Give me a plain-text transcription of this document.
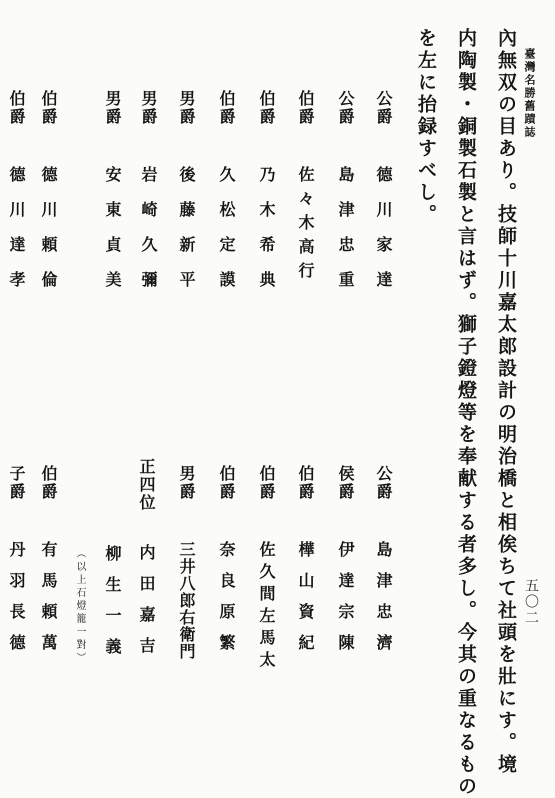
臺灣名勝舊蹟誌
五〇二
內無双の目あり。技師十川嘉太郎設計の明治橋と相俟ちて社頭を壯にす。境
内陶製・銅製石製と言はず。獅子鐙燈等を奉献する者多し。今其の重なるもの
を左に抬録すべし。
公爵島津忠濟
侯爵伊達宗陳
伯爵樺山資紀
伯爵佐久間左馬太
伯爵奈良原繁
男爵三井八郎右衛門
正四位内田嘉吉
柳生一義
（以上石燈籠一對）
伯爵有馬頼萬
子爵丹羽長德
公爵德川家達
公爵島津忠重
伯爵佐々木高行
伯爵乃木希典
伯爵久松定謨
男爵後藤新平
男爵岩崎久彌
男爵安東貞美
伯爵德川頼倫
伯爵德川達孝
